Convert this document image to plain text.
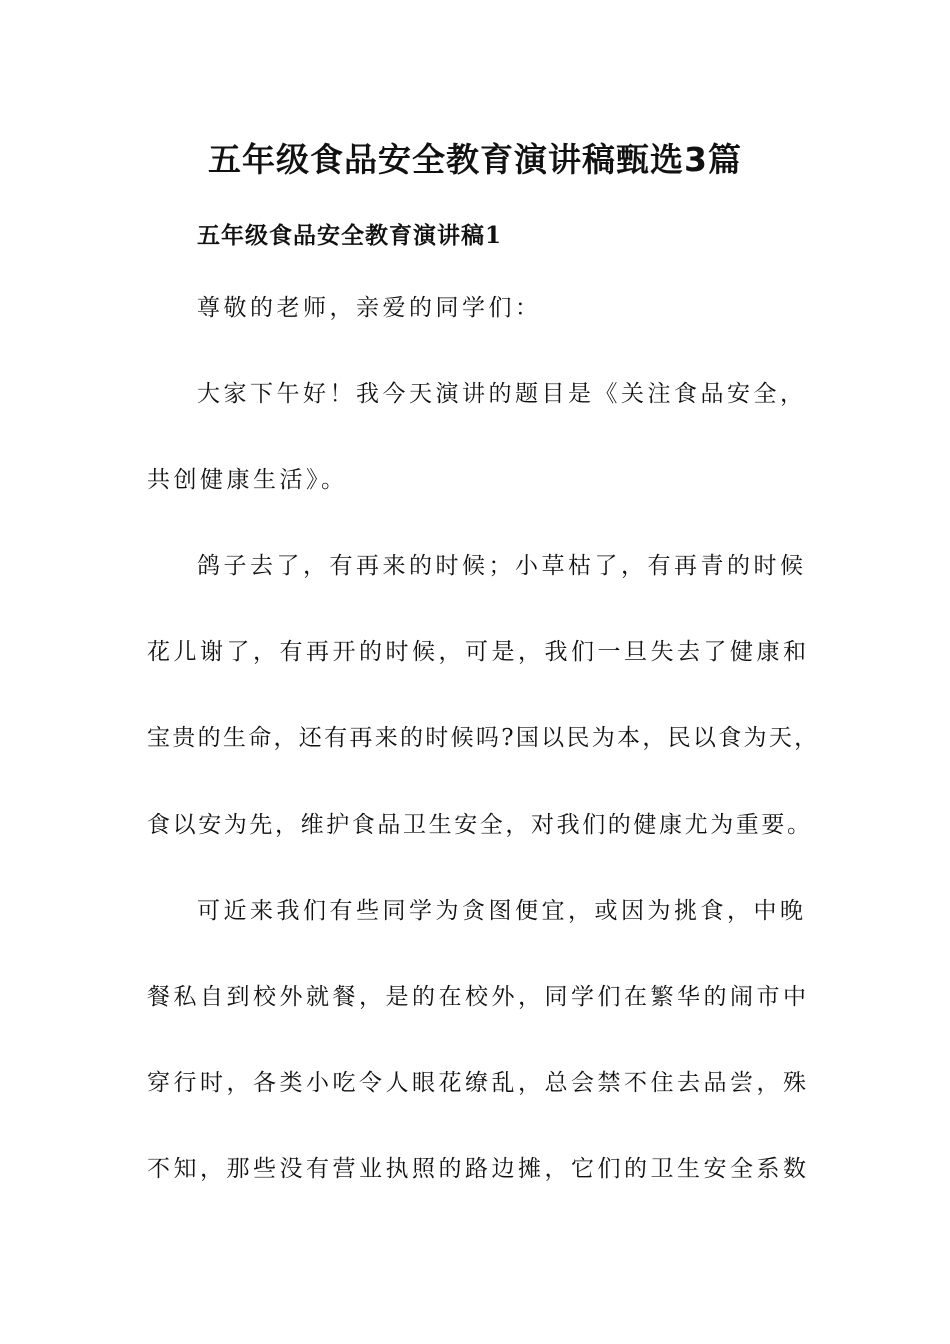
五年级食品安全教育演讲稿甄选3篇
五年级食品安全教育演讲稿1
尊敬的老师，亲爱的同学们：
大家下午好！我今天演讲的题目是《关注食品安全，
共创健康生活》。
鸽子去了，有再来的时候；小草枯了，有再青的时候
花儿谢了，有再开的时候，可是，我们一旦失去了健康和
宝贵的生命，还有再来的时候吗?国以民为本，民以食为天，
食以安为先，维护食品卫生安全，对我们的健康尤为重要。
可近来我们有些同学为贪图便宜，或因为挑食，中晚
餐私自到校外就餐，是的在校外，同学们在繁华的闹市中
穿行时，各类小吃令人眼花缭乱，总会禁不住去品尝，殊
不知，那些没有营业执照的路边摊，它们的卫生安全系数
